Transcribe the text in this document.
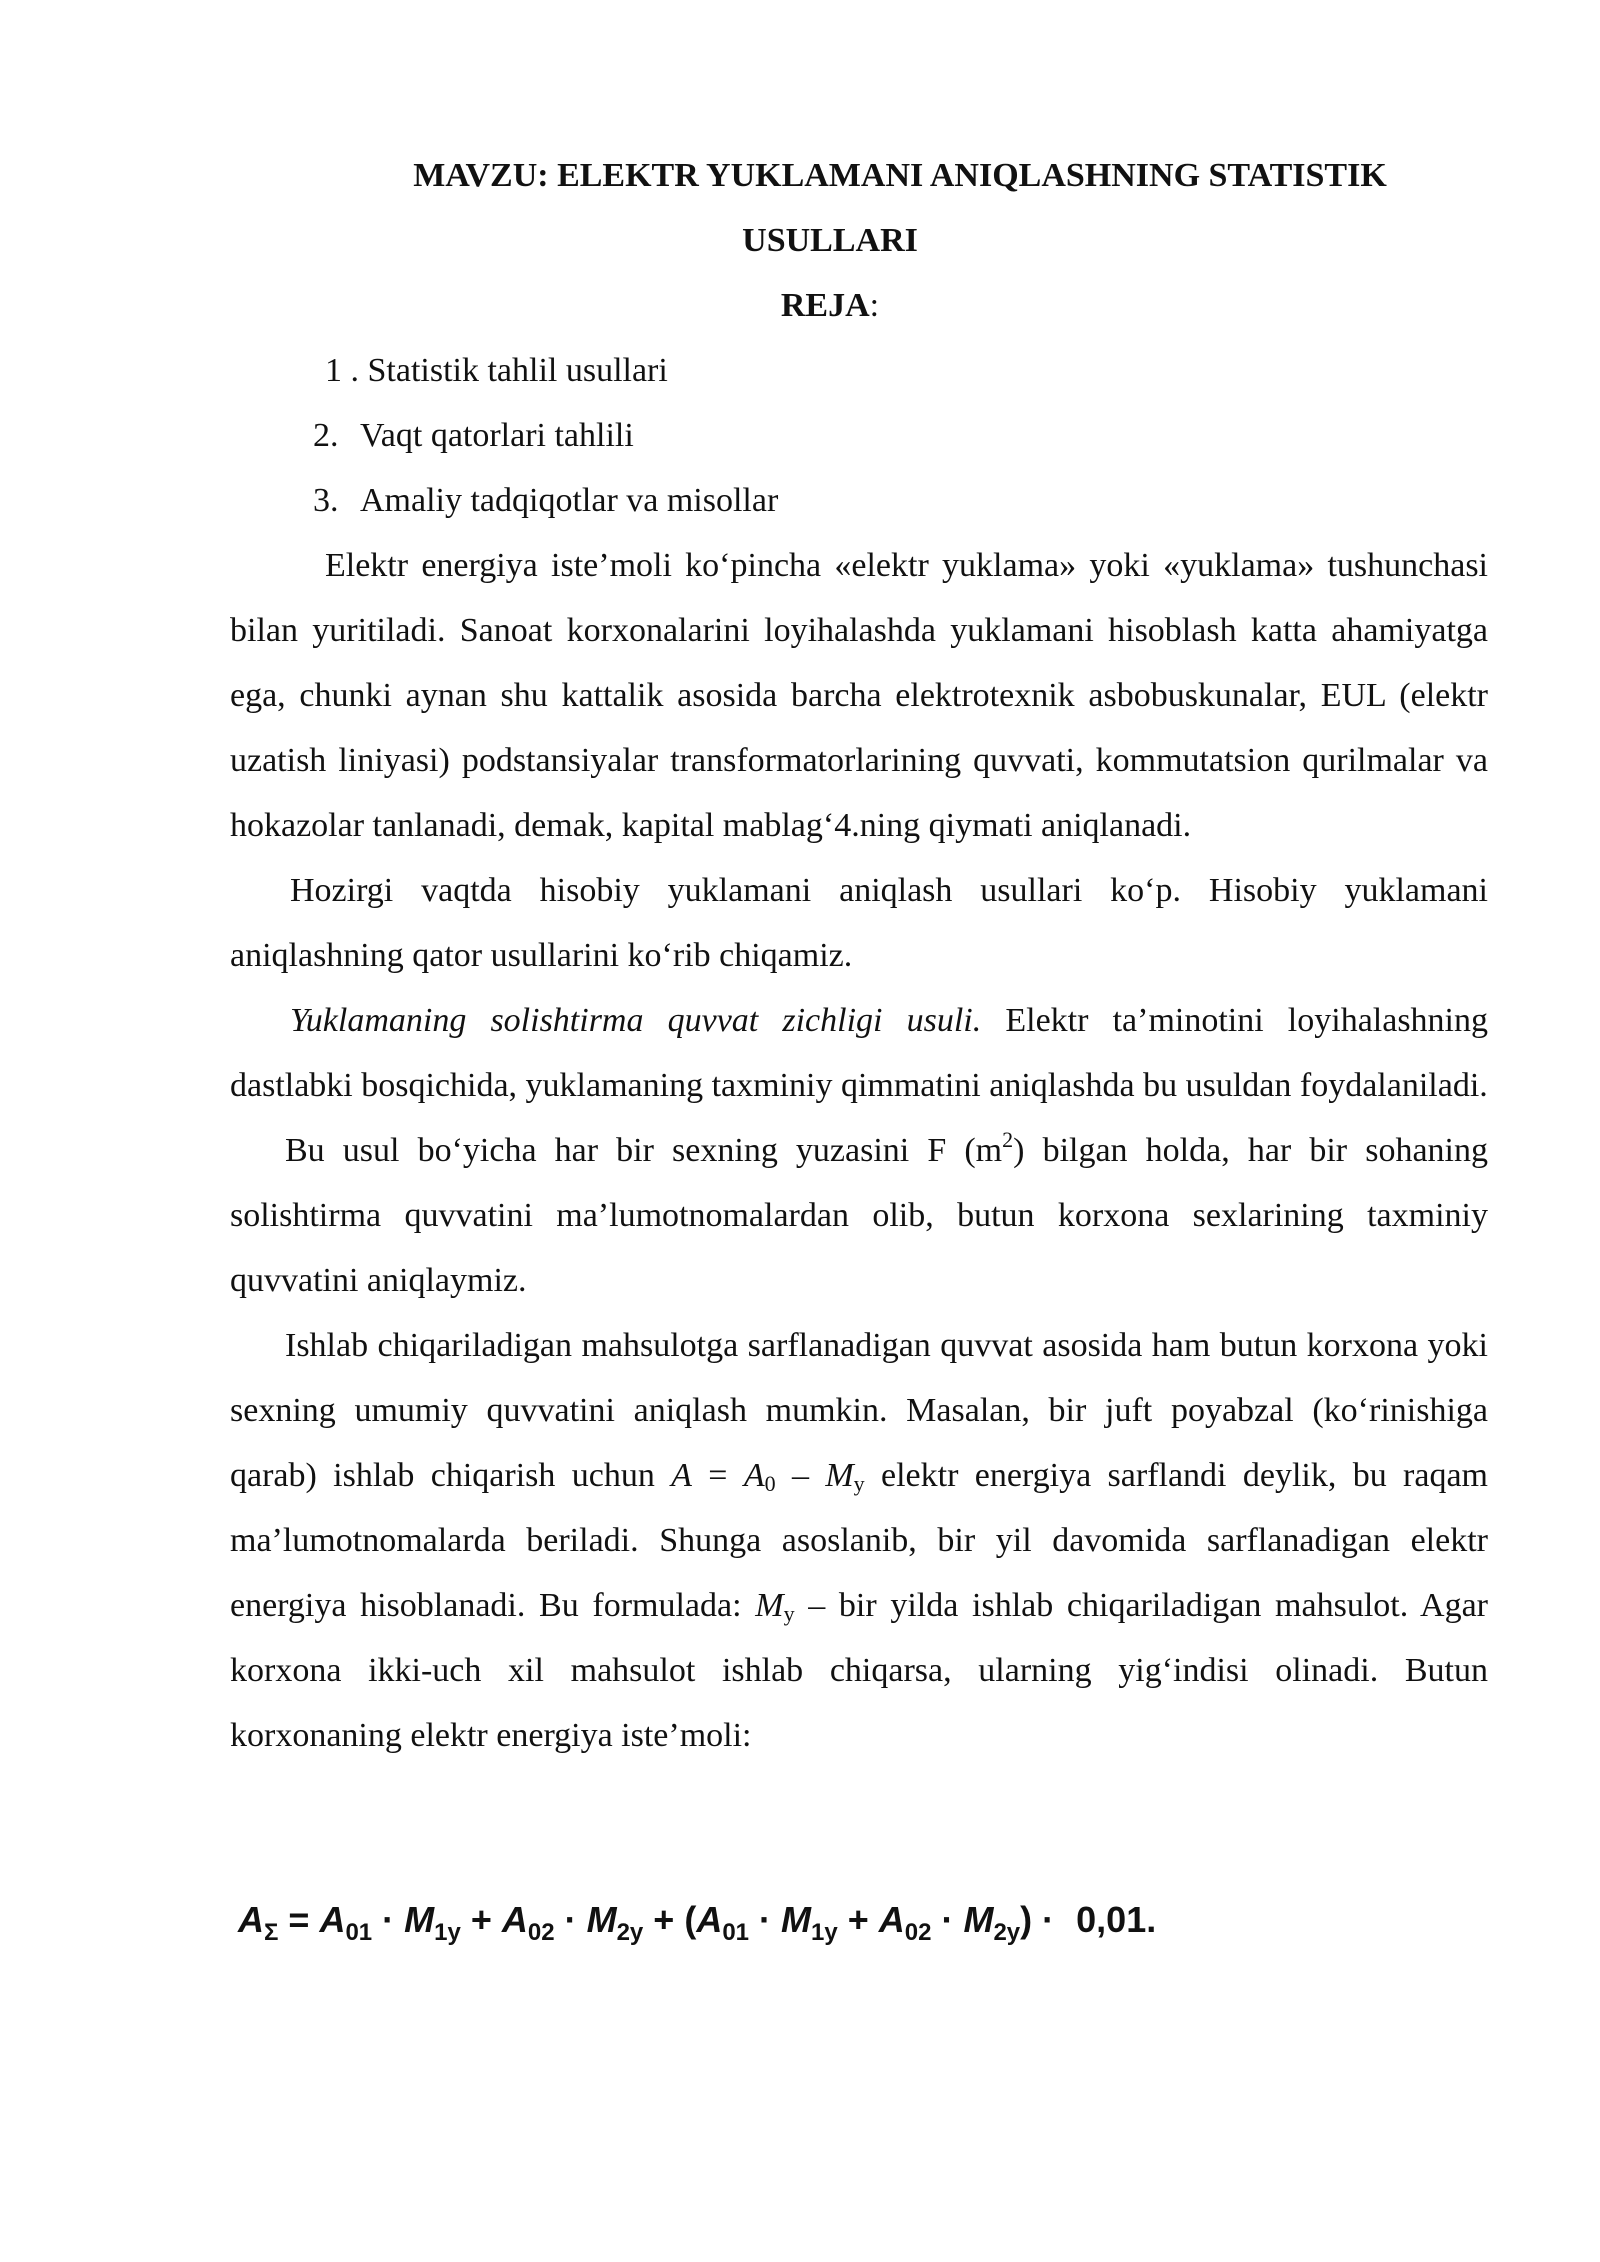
MAVZU: ELEKTR YUKLAMANI ANIQLASHNING STATISTIK
USULLARI
REJA:
1 . Statistik tahlil usullari
2. Vaqt qatorlari tahlili
3. Amaliy tadqiqotlar va misollar

Elektr energiya iste’moli ko‘pincha «elektr yuklama» yoki «yuklama» tushunchasi bilan yuritiladi. Sanoat korxonalarini loyihalashda yuklamani hisoblash katta ahamiyatga ega, chunki aynan shu kattalik asosida barcha elektrotexnik asbobuskunalar, EUL (elektr uzatish liniyasi) podstansiyalar transformatorlarining quvvati, kommutatsion qurilmalar va hokazolar tanlanadi, demak, kapital mablag‘4.ning qiymati aniqlanadi.

Hozirgi vaqtda hisobiy yuklamani aniqlash usullari ko‘p. Hisobiy yuklamani aniqlashning qator usullarini ko‘rib chiqamiz.

Yuklamaning solishtirma quvvat zichligi usuli. Elektr ta’minotini loyihalashning dastlabki bosqichida, yuklamaning taxminiy qimmatini aniqlashda bu usuldan foydalaniladi.

Bu usul bo‘yicha har bir sexning yuzasini F $(m^2)$ bilgan holda, har bir sohaning solishtirma quvvatini ma’lumotnomalardan olib, butun korxona sexlarining taxminiy quvvatini aniqlaymiz.

Ishlab chiqariladigan mahsulotga sarflanadigan quvvat asosida ham butun korxona yoki sexning umumiy quvvatini aniqlash mumkin. Masalan, bir juft poyabzal (ko‘rinishiga qarab) ishlab chiqarish uchun $A = A_0 - M_y$ elektr energiya sarflandi deylik, bu raqam ma’lumotnomalarda beriladi. Shunga asoslanib, bir yil davomida sarflanadigan elektr energiya hisoblanadi. Bu formulada: $M_y$ – bir yilda ishlab chiqariladigan mahsulot. Agar korxona ikki-uch xil mahsulot ishlab chiqarsa, ularning yig‘indisi olinadi. Butun korxonaning elektr energiya iste’moli:

$A_\Sigma = A_{01} \cdot M_{1y} + A_{02} \cdot M_{2y} + (A_{01} \cdot M_{1y} + A_{02} \cdot M_{2y}) \cdot 0,01$.
